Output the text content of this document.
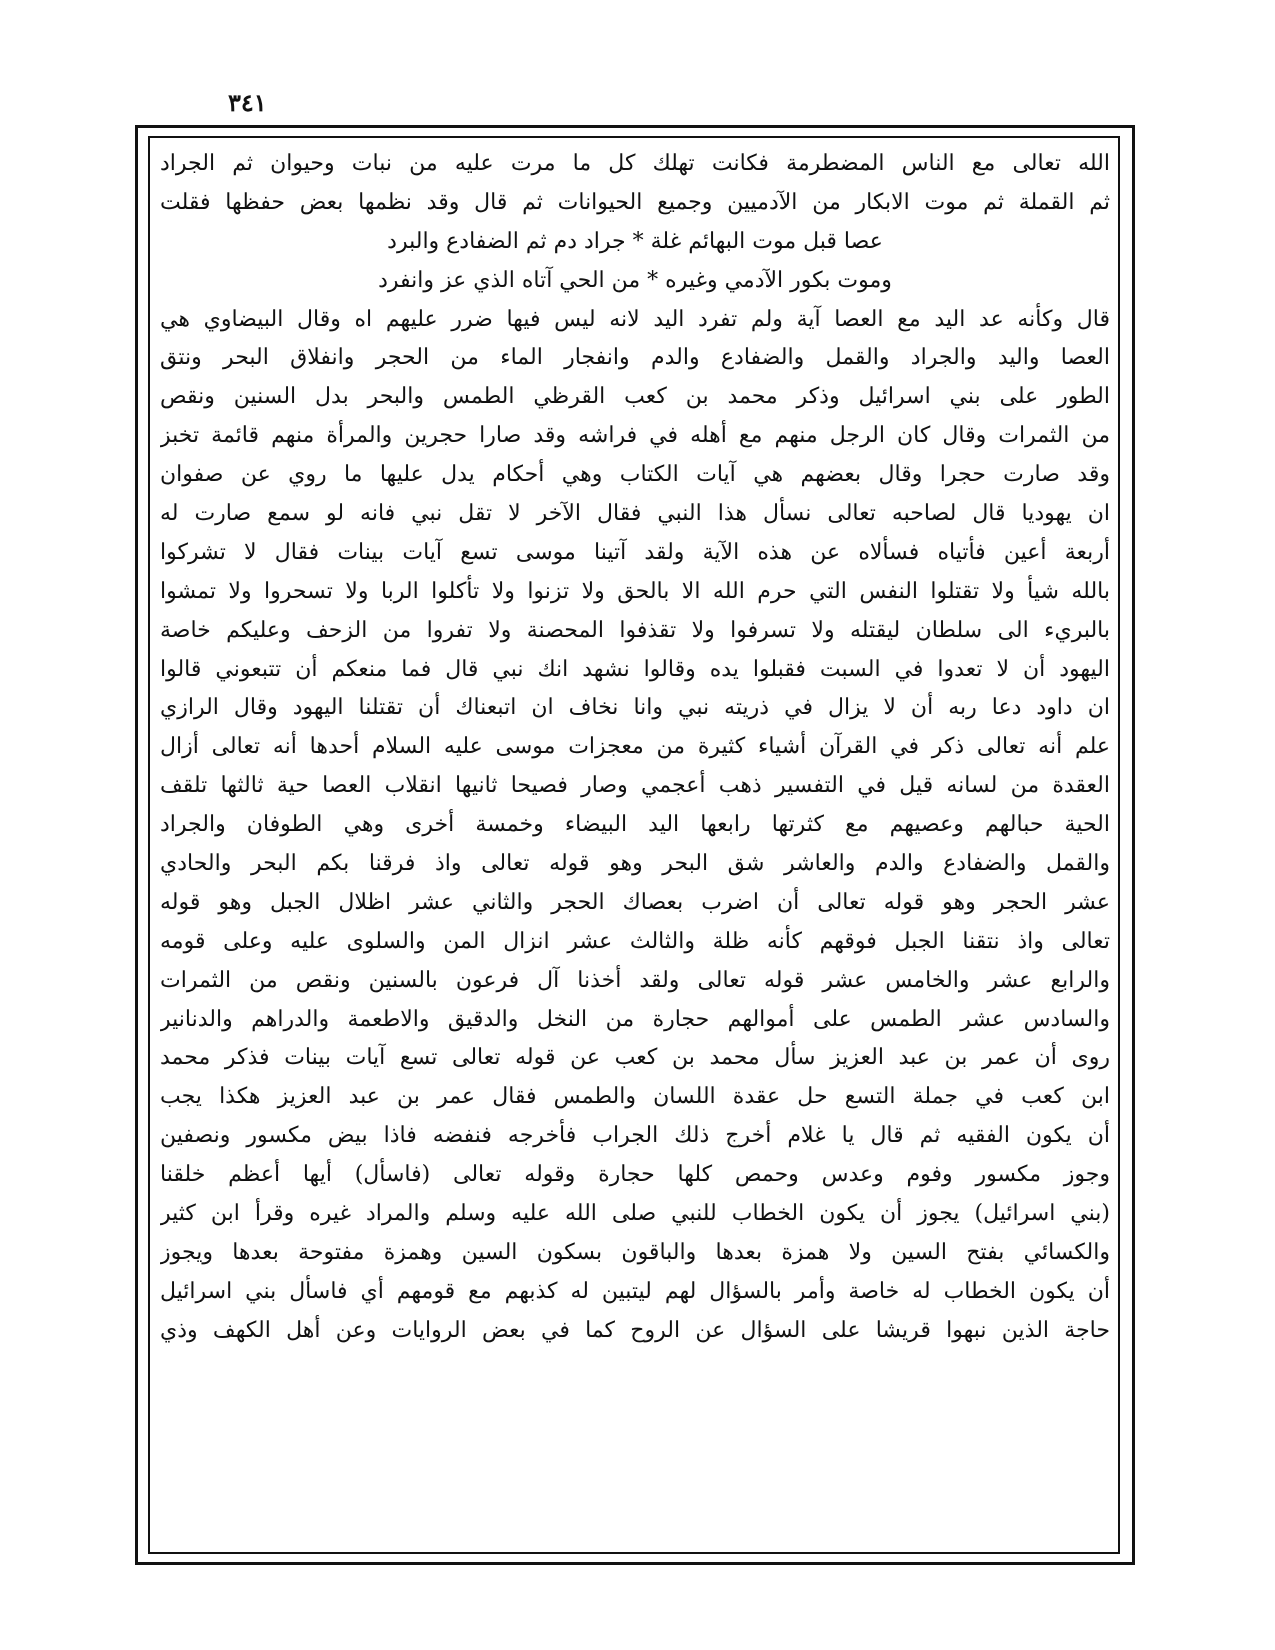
٣٤١
الله تعالى مع الناس المضطرمة فكانت تهلك كل ما مرت عليه من نبات وحيوان ثم الجراد
ثم القملة ثم موت الابكار من الآدميين وجميع الحيوانات ثم قال وقد نظمها بعض حفظها فقلت
عصا قبل موت البهائم غلة * جراد دم ثم الضفادع والبرد
وموت بكور الآدمي وغيره * من الحي آتاه الذي عز وانفرد
قال وكأنه عد اليد مع العصا آية ولم تفرد اليد لانه ليس فيها ضرر عليهم اه وقال البيضاوي هي
العصا واليد والجراد والقمل والضفادع والدم وانفجار الماء من الحجر وانفلاق البحر ونتق
الطور على بني اسرائيل وذكر محمد بن كعب القرظي الطمس والبحر بدل السنين ونقص
من الثمرات وقال كان الرجل منهم مع أهله في فراشه وقد صارا حجرين والمرأة منهم قائمة تخبز
وقد صارت حجرا وقال بعضهم هي آيات الكتاب وهي أحكام يدل عليها ما روي عن صفوان
ان يهوديا قال لصاحبه تعالى نسأل هذا النبي فقال الآخر لا تقل نبي فانه لو سمع صارت له
أربعة أعين فأتياه فسألاه عن هذه الآية ولقد آتينا موسى تسع آيات بينات فقال لا تشركوا
بالله شيأ ولا تقتلوا النفس التي حرم الله الا بالحق ولا تزنوا ولا تأكلوا الربا ولا تسحروا ولا تمشوا
بالبريء الى سلطان ليقتله ولا تسرفوا ولا تقذفوا المحصنة ولا تفروا من الزحف وعليكم خاصة
اليهود أن لا تعدوا في السبت فقبلوا يده وقالوا نشهد انك نبي قال فما منعكم أن تتبعوني قالوا
ان داود دعا ربه أن لا يزال في ذريته نبي وانا نخاف ان اتبعناك أن تقتلنا اليهود وقال الرازي
علم أنه تعالى ذكر في القرآن أشياء كثيرة من معجزات موسى عليه السلام أحدها أنه تعالى أزال
العقدة من لسانه قيل في التفسير ذهب أعجمي وصار فصيحا ثانيها انقلاب العصا حية ثالثها تلقف
الحية حبالهم وعصيهم مع كثرتها رابعها اليد البيضاء وخمسة أخرى وهي الطوفان والجراد
والقمل والضفادع والدم والعاشر شق البحر وهو قوله تعالى واذ فرقنا بكم البحر والحادي
عشر الحجر وهو قوله تعالى أن اضرب بعصاك الحجر والثاني عشر اظلال الجبل وهو قوله
تعالى واذ نتقنا الجبل فوقهم كأنه ظلة والثالث عشر انزال المن والسلوى عليه وعلى قومه
والرابع عشر والخامس عشر قوله تعالى ولقد أخذنا آل فرعون بالسنين ونقص من الثمرات
والسادس عشر الطمس على أموالهم حجارة من النخل والدقيق والاطعمة والدراهم والدنانير
روى أن عمر بن عبد العزيز سأل محمد بن كعب عن قوله تعالى تسع آيات بينات فذكر محمد
ابن كعب في جملة التسع حل عقدة اللسان والطمس فقال عمر بن عبد العزيز هكذا يجب
أن يكون الفقيه ثم قال يا غلام أخرج ذلك الجراب فأخرجه فنفضه فاذا بيض مكسور ونصفين
وجوز مكسور وفوم وعدس وحمص كلها حجارة وقوله تعالى (فاسأل) أيها أعظم خلقنا
(بني اسرائيل) يجوز أن يكون الخطاب للنبي صلى الله عليه وسلم والمراد غيره وقرأ ابن كثير
والكسائي بفتح السين ولا همزة بعدها والباقون بسكون السين وهمزة مفتوحة بعدها ويجوز
أن يكون الخطاب له خاصة وأمر بالسؤال لهم ليتبين له كذبهم مع قومهم أي فاسأل بني اسرائيل
حاجة الذين نبهوا قريشا على السؤال عن الروح كما في بعض الروايات وعن أهل الكهف وذي
